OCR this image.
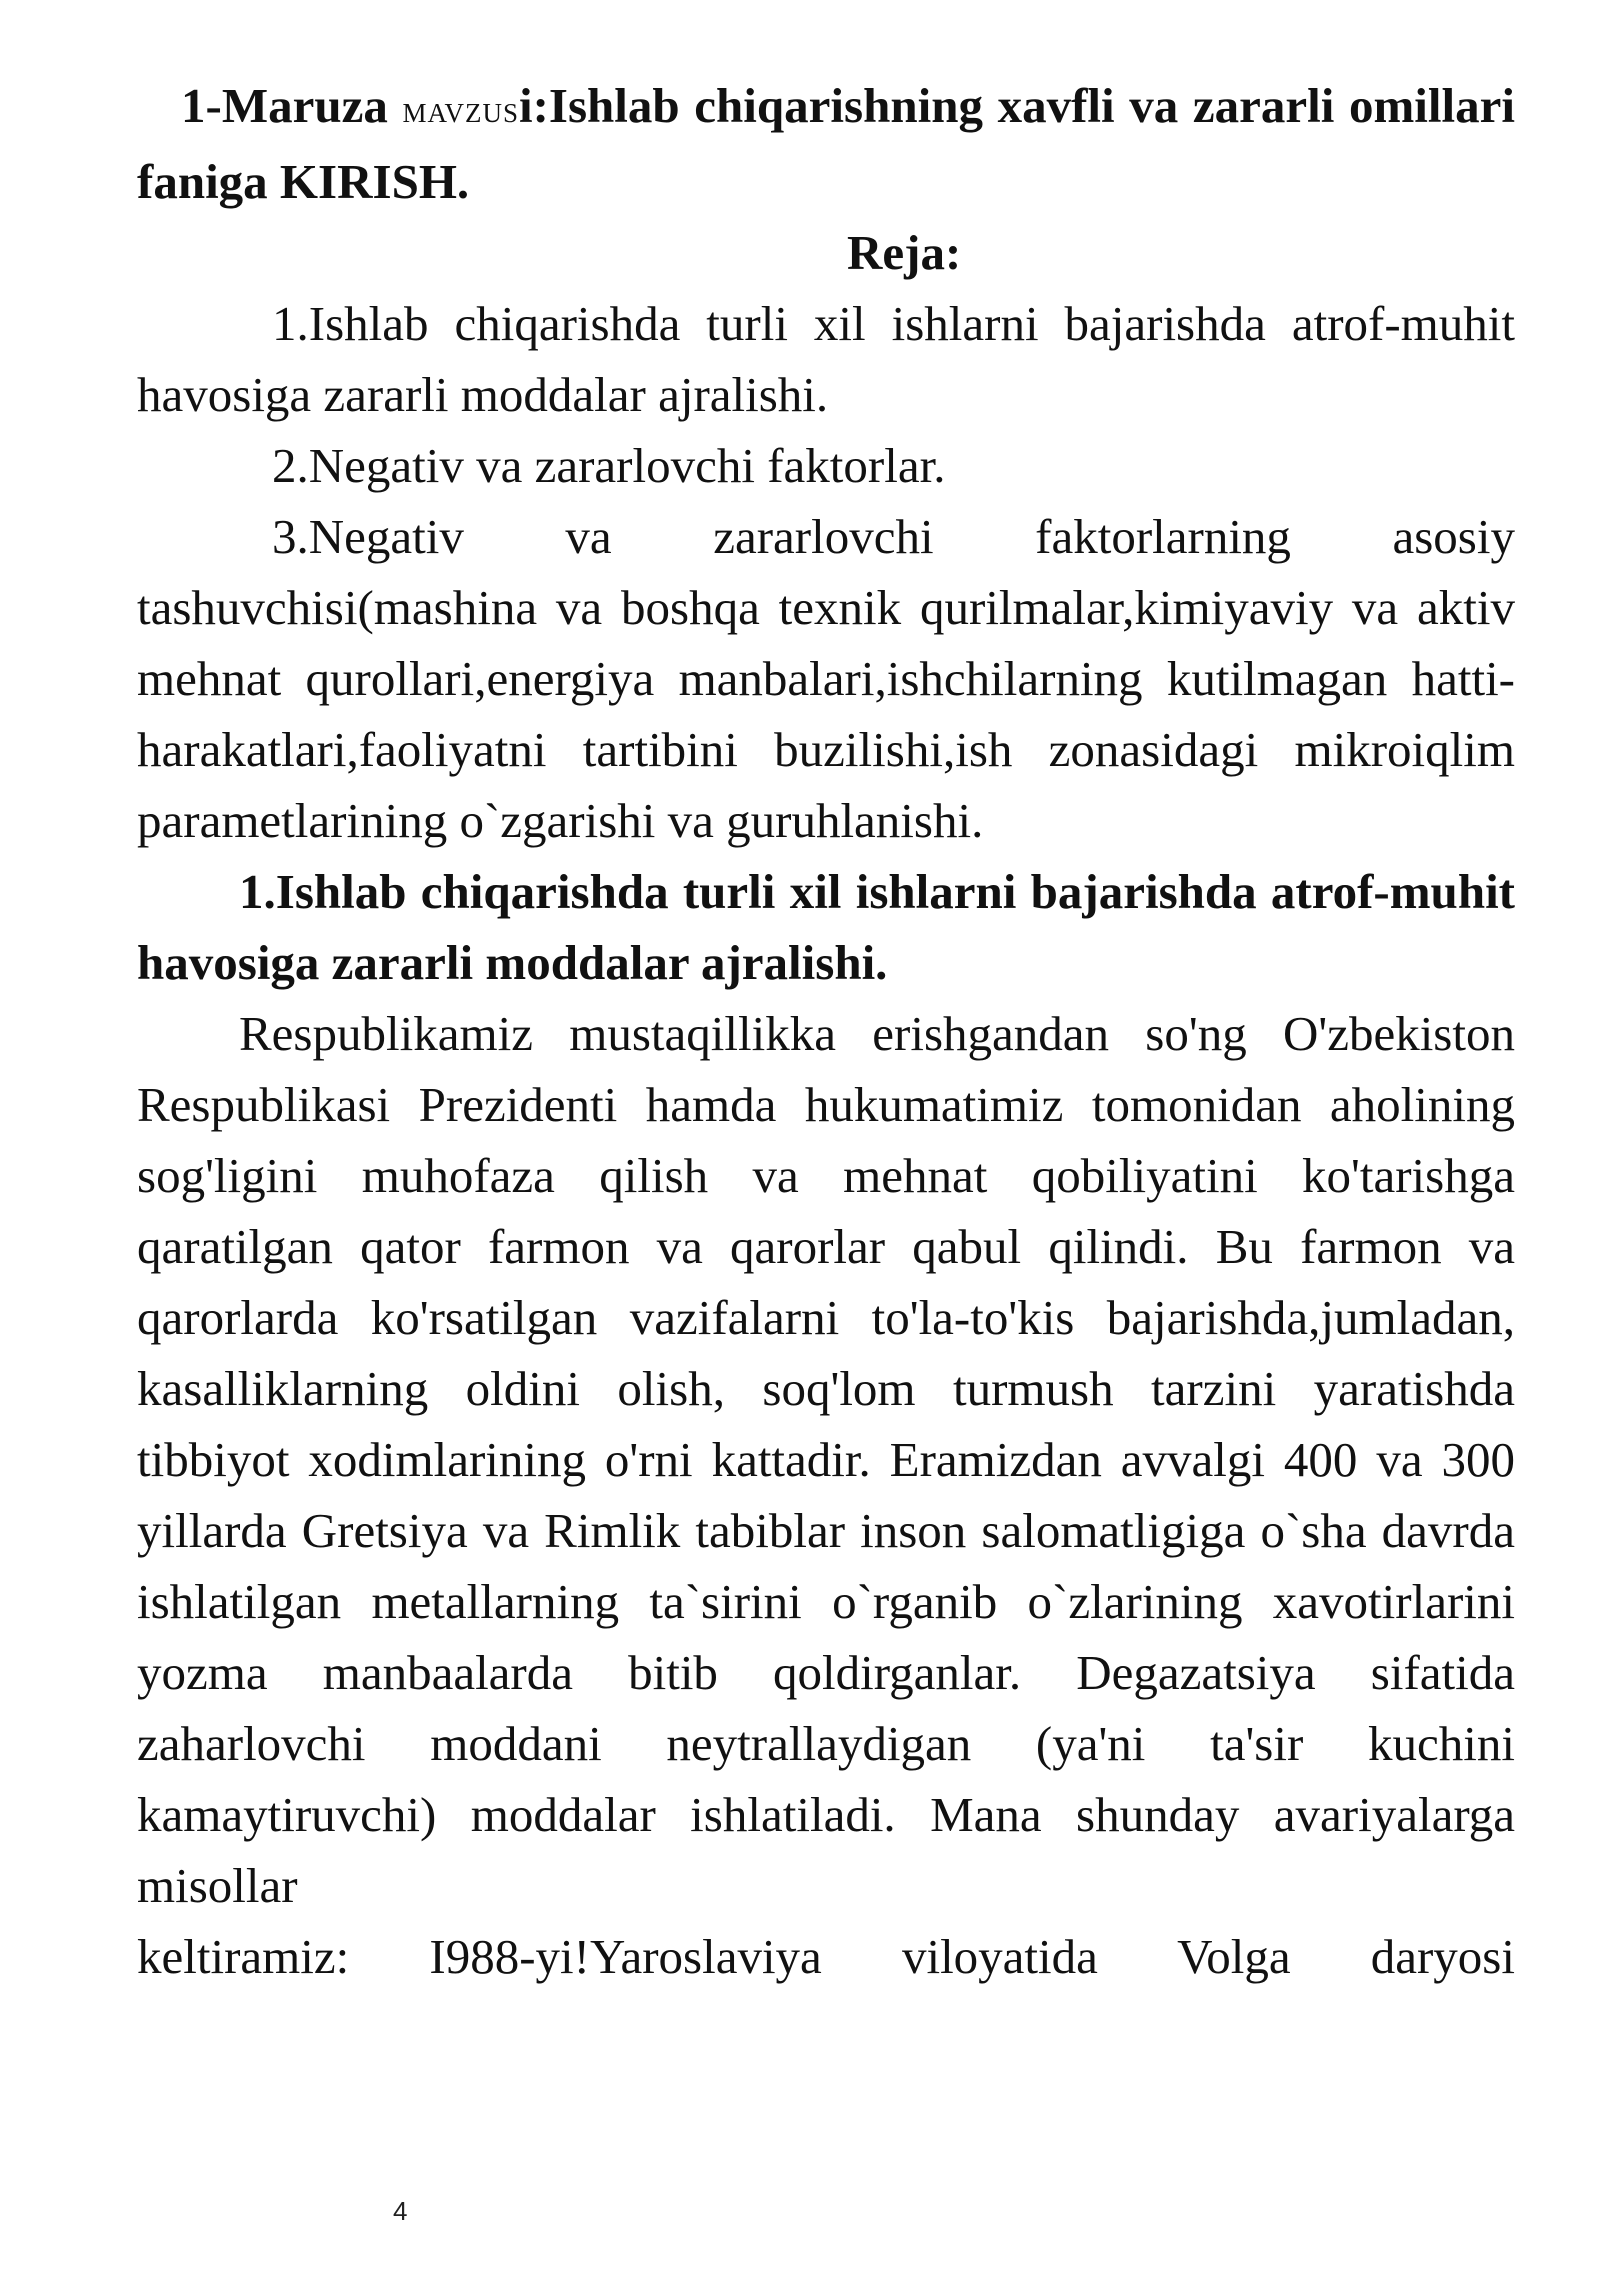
1-Maruza mavzusi:Ishlab chiqarishning xavfli va zararli omillari faniga KIRISH.

Reja:

1.Ishlab chiqarishda turli xil ishlarni bajarishda atrof-muhit havosiga zararli moddalar ajralishi.

2.Negativ va zararlovchi faktorlar.

3.Negativ va zararlovchi faktorlarning asosiy tashuvchisi(mashina va boshqa texnik qurilmalar,kimiyaviy va aktiv mehnat qurollari,energiya manbalari,ishchilarning kutilmagan hatti-harakatlari,faoliyatni tartibini buzilishi,ish zonasidagi mikroiqlim parametlarining o`zgarishi va guruhlanishi.

1.Ishlab chiqarishda turli xil ishlarni bajarishda atrof-muhit havosiga zararli moddalar ajralishi.

Respublikamiz mustaqillikka erishgandan so'ng O'zbekiston Respublikasi Prezidenti hamda hukumatimiz tomonidan aholining sog'ligini muhofaza qilish va mehnat qobiliyatini ko'tarishga qaratilgan qator farmon va qarorlar qabul qilindi. Bu farmon va qarorlarda ko'rsatilgan vazifalarni to'la-to'kis bajarishda,jumladan, kasalliklarning oldini olish, soq'lom turmush tarzini yaratishda tibbiyot xodimlarining o'rni kattadir. Eramizdan avvalgi 400 va 300 yillarda Gretsiya va Rimlik tabiblar inson salomatligiga o`sha davrda ishlatilgan metallarning ta`sirini o`rganib o`zlarining xavotirlarini yozma manbaalarda bitib qoldirganlar. Degazatsiya sifatida zaharlovchi moddani neytrallaydigan (ya'ni ta'sir kuchini kamaytiruvchi) moddalar ishlatiladi. Mana shunday avariyalarga misollar
keltiramiz: I988-yi!Yaroslaviya viloyatida Volga daryosi

4
